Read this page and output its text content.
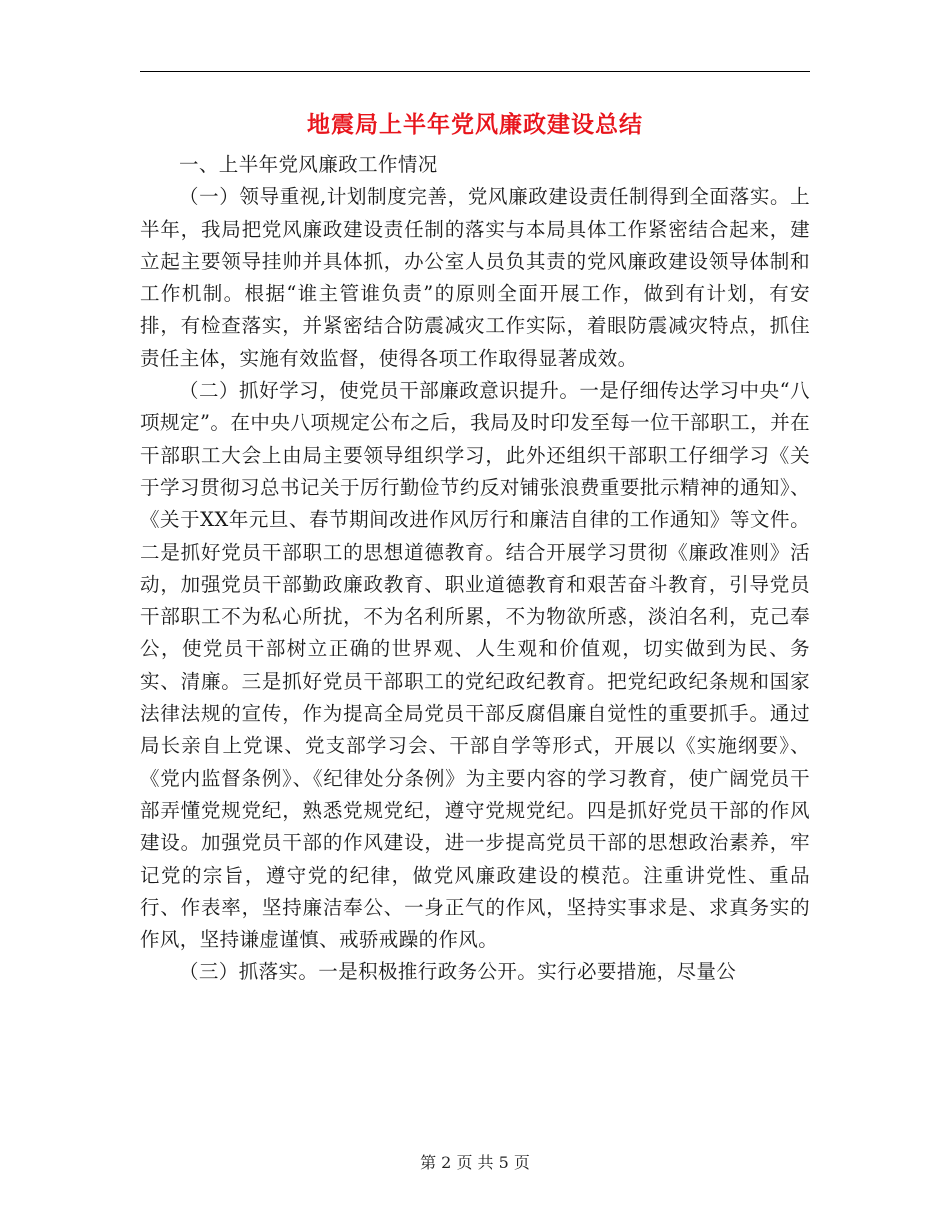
地震局上半年党风廉政建设总结

一、上半年党风廉政工作情况

（一）领导重视,计划制度完善，党风廉政建设责任制得到全面落实。上半年，我局把党风廉政建设责任制的落实与本局具体工作紧密结合起来，建立起主要领导挂帅并具体抓，办公室人员负其责的党风廉政建设领导体制和工作机制。根据“谁主管谁负责”的原则全面开展工作，做到有计划，有安排，有检查落实，并紧密结合防震减灾工作实际，着眼防震减灾特点，抓住责任主体，实施有效监督，使得各项工作取得显著成效。

（二）抓好学习，使党员干部廉政意识提升。一是仔细传达学习中央“八项规定”。在中央八项规定公布之后，我局及时印发至每一位干部职工，并在干部职工大会上由局主要领导组织学习，此外还组织干部职工仔细学习《关于学习贯彻习总书记关于厉行勤俭节约反对铺张浪费重要批示精神的通知》、《关于XX年元旦、春节期间改进作风厉行和廉洁自律的工作通知》等文件。二是抓好党员干部职工的思想道德教育。结合开展学习贯彻《廉政准则》活动，加强党员干部勤政廉政教育、职业道德教育和艰苦奋斗教育，引导党员干部职工不为私心所扰，不为名利所累，不为物欲所惑，淡泊名利，克己奉公，使党员干部树立正确的世界观、人生观和价值观，切实做到为民、务实、清廉。三是抓好党员干部职工的党纪政纪教育。把党纪政纪条规和国家法律法规的宣传，作为提高全局党员干部反腐倡廉自觉性的重要抓手。通过局长亲自上党课、党支部学习会、干部自学等形式，开展以《实施纲要》、《党内监督条例》、《纪律处分条例》为主要内容的学习教育，使广阔党员干部弄懂党规党纪，熟悉党规党纪，遵守党规党纪。四是抓好党员干部的作风建设。加强党员干部的作风建设，进一步提高党员干部的思想政治素养，牢记党的宗旨，遵守党的纪律，做党风廉政建设的模范。注重讲党性、重品行、作表率，坚持廉洁奉公、一身正气的作风，坚持实事求是、求真务实的作风，坚持谦虚谨慎、戒骄戒躁的作风。

（三）抓落实。一是积极推行政务公开。实行必要措施，尽量公

第 2 页 共 5 页
